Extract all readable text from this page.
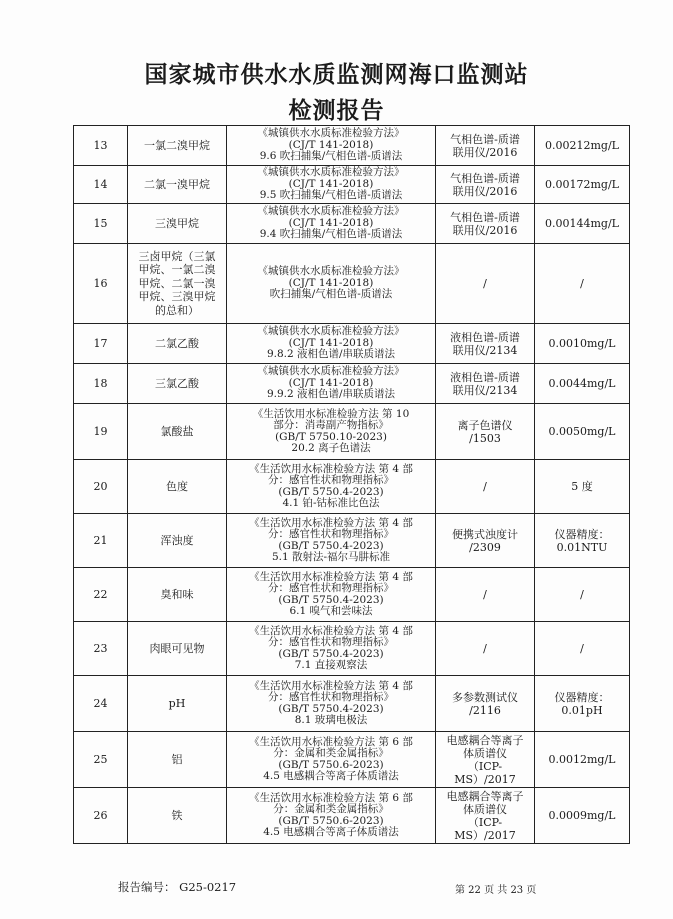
国家城市供水水质监测网海口监测站
检测报告
13	一氯二溴甲烷	《城镇供水水质标准检验方法》
(CJ/T 141-2018)
9.6 吹扫捕集/气相色谱-质谱法	气相色谱-质谱
联用仪/2016	0.00212mg/L

14	二氯一溴甲烷	《城镇供水水质标准检验方法》
(CJ/T 141-2018)
9.5 吹扫捕集/气相色谱-质谱法	气相色谱-质谱
联用仪/2016	0.00172mg/L

15	三溴甲烷	《城镇供水水质标准检验方法》
(CJ/T 141-2018)
9.4 吹扫捕集/气相色谱-质谱法	气相色谱-质谱
联用仪/2016	0.00144mg/L

16	三卤甲烷（三氯
甲烷、一氯二溴
甲烷、二氯一溴
甲烷、三溴甲烷
的总和）	《城镇供水水质标准检验方法》
(CJ/T 141-2018)
吹扫捕集/气相色谱-质谱法	/	/

17	二氯乙酸	《城镇供水水质标准检验方法》
(CJ/T 141-2018)
9.8.2 液相色谱/串联质谱法	液相色谱-质谱
联用仪/2134	0.0010mg/L

18	三氯乙酸	《城镇供水水质标准检验方法》
(CJ/T 141-2018)
9.9.2 液相色谱/串联质谱法	液相色谱-质谱
联用仪/2134	0.0044mg/L

19	氯酸盐	《生活饮用水标准检验方法 第 10
部分：消毒副产物指标》
(GB/T 5750.10-2023)
20.2 离子色谱法	离子色谱仪
/1503	0.0050mg/L

20	色度	《生活饮用水标准检验方法 第 4 部
分：感官性状和物理指标》
(GB/T 5750.4-2023)
4.1 铂-钴标准比色法	/	5 度

21	浑浊度	《生活饮用水标准检验方法 第 4 部
分：感官性状和物理指标》
(GB/T 5750.4-2023)
5.1 散射法-福尔马肼标准	便携式浊度计
/2309	仪器精度：
0.01NTU

22	臭和味	《生活饮用水标准检验方法 第 4 部
分：感官性状和物理指标》
(GB/T 5750.4-2023)
6.1 嗅气和尝味法	/	/

23	肉眼可见物	《生活饮用水标准检验方法 第 4 部
分：感官性状和物理指标》
(GB/T 5750.4-2023)
7.1 直接观察法	/	/

24	pH	《生活饮用水标准检验方法 第 4 部
分：感官性状和物理指标》
(GB/T 5750.4-2023)
8.1 玻璃电极法	多参数测试仪
/2116	仪器精度：
0.01pH

25	铝	《生活饮用水标准检验方法 第 6 部
分：金属和类金属指标》
(GB/T 5750.6-2023)
4.5 电感耦合等离子体质谱法	电感耦合等离子
体质谱仪
（ICP-MS）/2017	0.0012mg/L

26	铁	《生活饮用水标准检验方法 第 6 部
分：金属和类金属指标》
(GB/T 5750.6-2023)
4.5 电感耦合等离子体质谱法	电感耦合等离子
体质谱仪
（ICP-MS）/2017	0.0009mg/L
报告编号： G25-0217	第 22 页 共 23 页
